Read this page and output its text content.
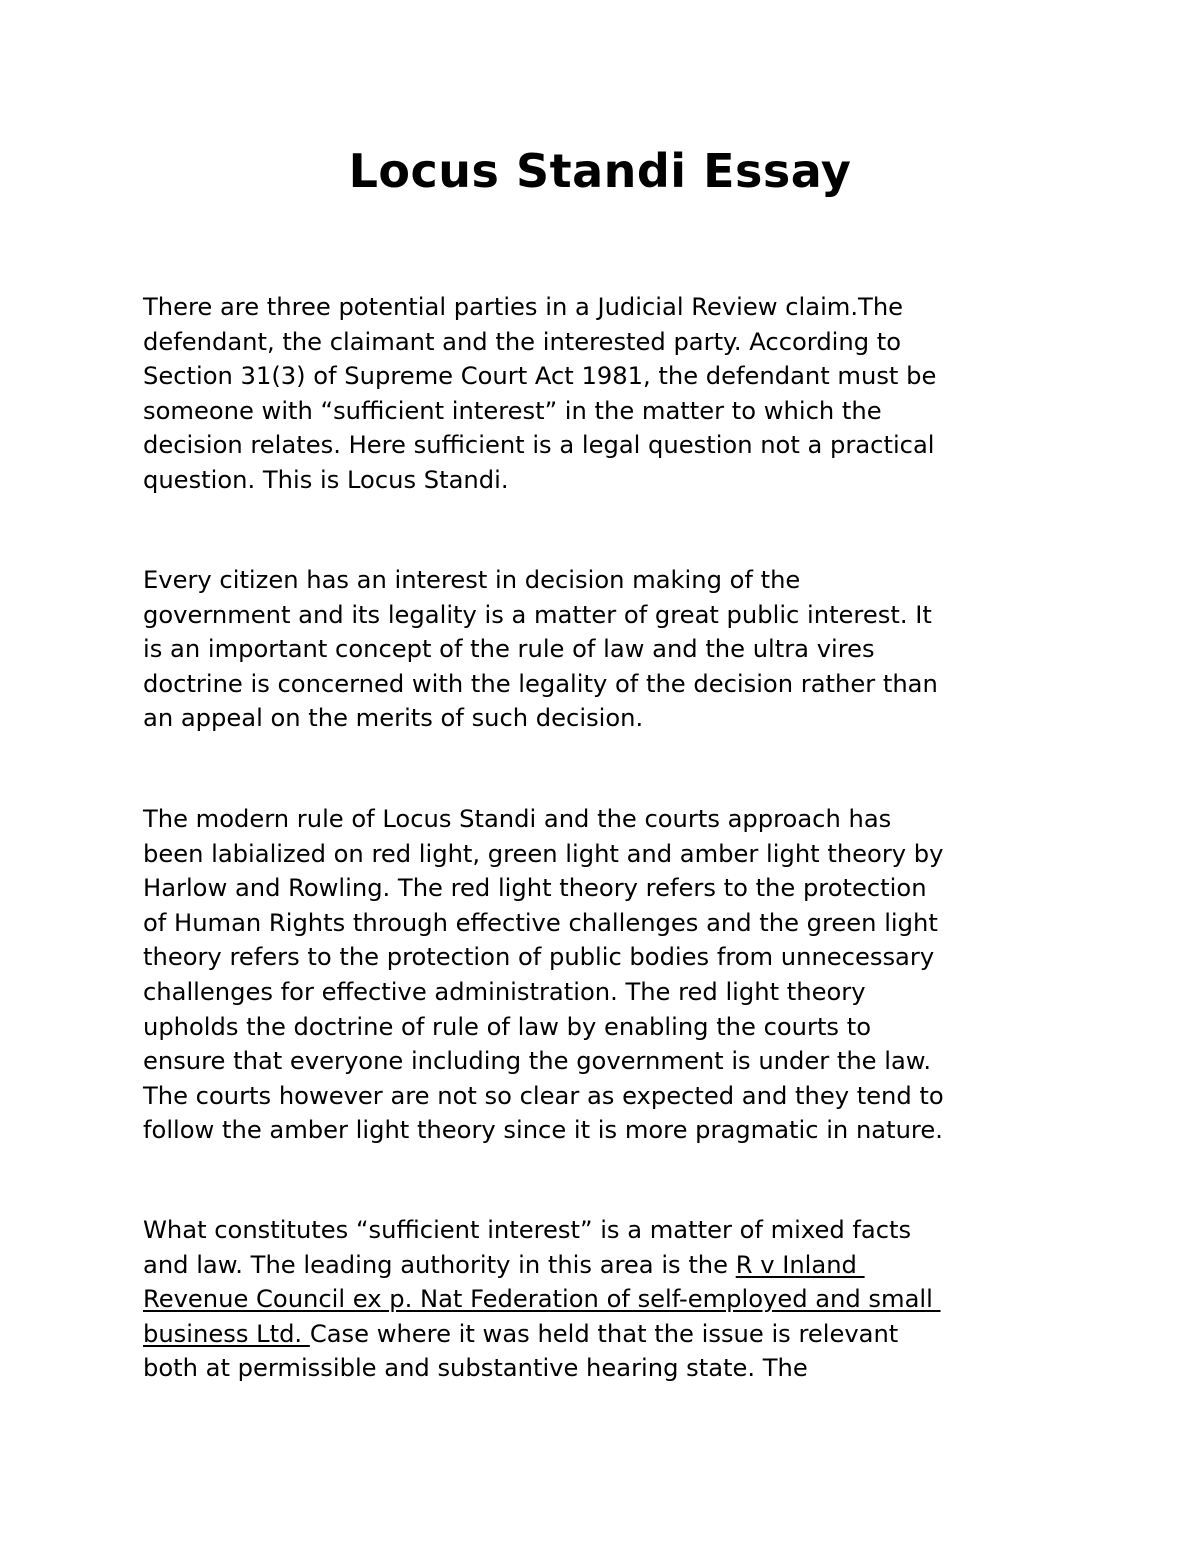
Locus Standi Essay

There are three potential parties in a Judicial Review claim.The
defendant, the claimant and the interested party. According to
Section 31(3) of Supreme Court Act 1981, the defendant must be
someone with “sufficient interest” in the matter to which the
decision relates. Here sufficient is a legal question not a practical
question. This is Locus Standi.

Every citizen has an interest in decision making of the
government and its legality is a matter of great public interest. It
is an important concept of the rule of law and the ultra vires
doctrine is concerned with the legality of the decision rather than
an appeal on the merits of such decision.

The modern rule of Locus Standi and the courts approach has
been labialized on red light, green light and amber light theory by
Harlow and Rowling. The red light theory refers to the protection
of Human Rights through effective challenges and the green light
theory refers to the protection of public bodies from unnecessary
challenges for effective administration. The red light theory
upholds the doctrine of rule of law by enabling the courts to
ensure that everyone including the government is under the law.
The courts however are not so clear as expected and they tend to
follow the amber light theory since it is more pragmatic in nature.

What constitutes “sufficient interest” is a matter of mixed facts
and law. The leading authority in this area is the R v Inland
Revenue Council ex p. Nat Federation of self-employed and small
business Ltd. Case where it was held that the issue is relevant
both at permissible and substantive hearing state. The
